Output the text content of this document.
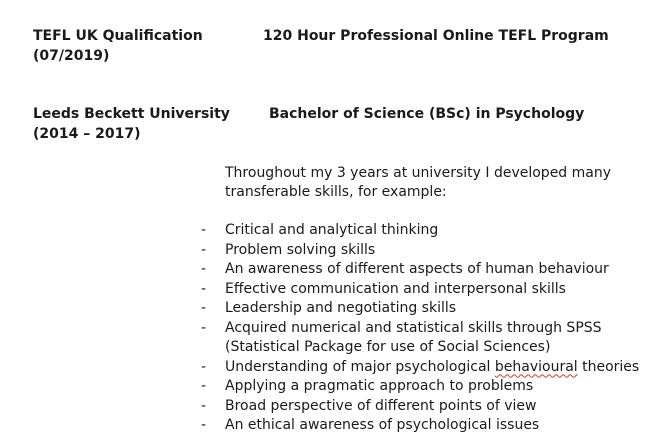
TEFL UK Qualification
(07/2019)
120 Hour Professional Online TEFL Program
Leeds Beckett University
(2014 – 2017)
Bachelor of Science (BSc) in Psychology
Throughout my 3 years at university I developed many
transferable skills, for example:
- Critical and analytical thinking
- Problem solving skills
- An awareness of different aspects of human behaviour
- Effective communication and interpersonal skills
- Leadership and negotiating skills
- Acquired numerical and statistical skills through SPSS (Statistical Package for use of Social Sciences)
- Understanding of major psychological behavioural theories
- Applying a pragmatic approach to problems
- Broad perspective of different points of view
- An ethical awareness of psychological issues
